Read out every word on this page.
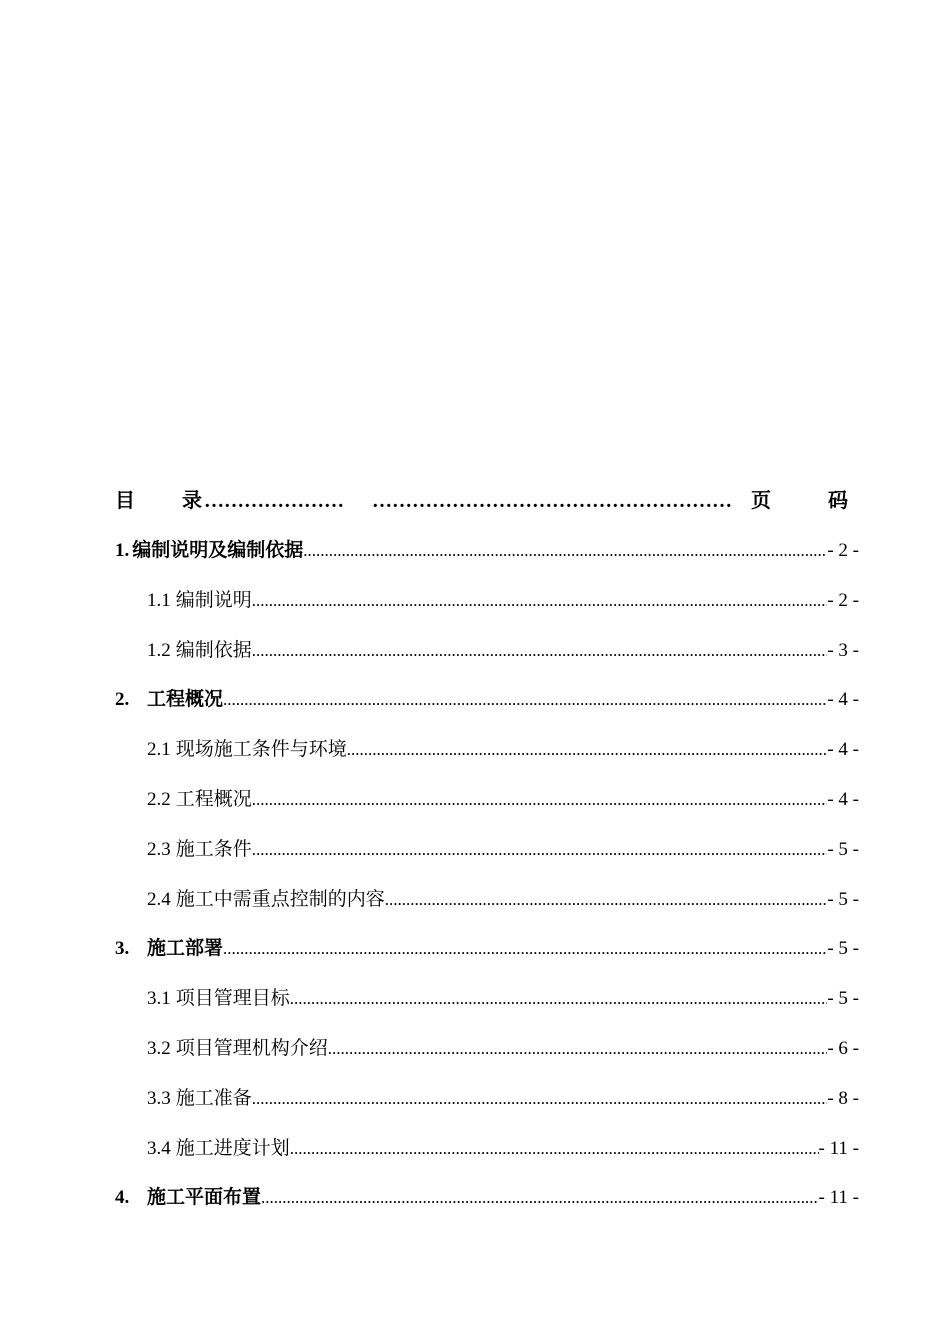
目 录 ………………… ……………………………………………… 页	码
1. 编制说明及编制依据 .....	- 2 -
1.1 编制说明 .....	- 2 -
1.2 编制依据 .....	- 3 -
2. 工程概况 .....	- 4 -
2.1 现场施工条件与环境 .....	- 4 -
2.2 工程概况 .....	- 4 -
2.3 施工条件 .....	- 5 -
2.4 施工中需重点控制的内容 .....	- 5 -
3. 施工部署 .....	- 5 -
3.1 项目管理目标 .....	- 5 -
3.2 项目管理机构介绍 .....	- 6 -
3.3 施工准备 .....	- 8 -
3.4 施工进度计划 .....	- 11 -
4. 施工平面布置 .....	- 11 -
